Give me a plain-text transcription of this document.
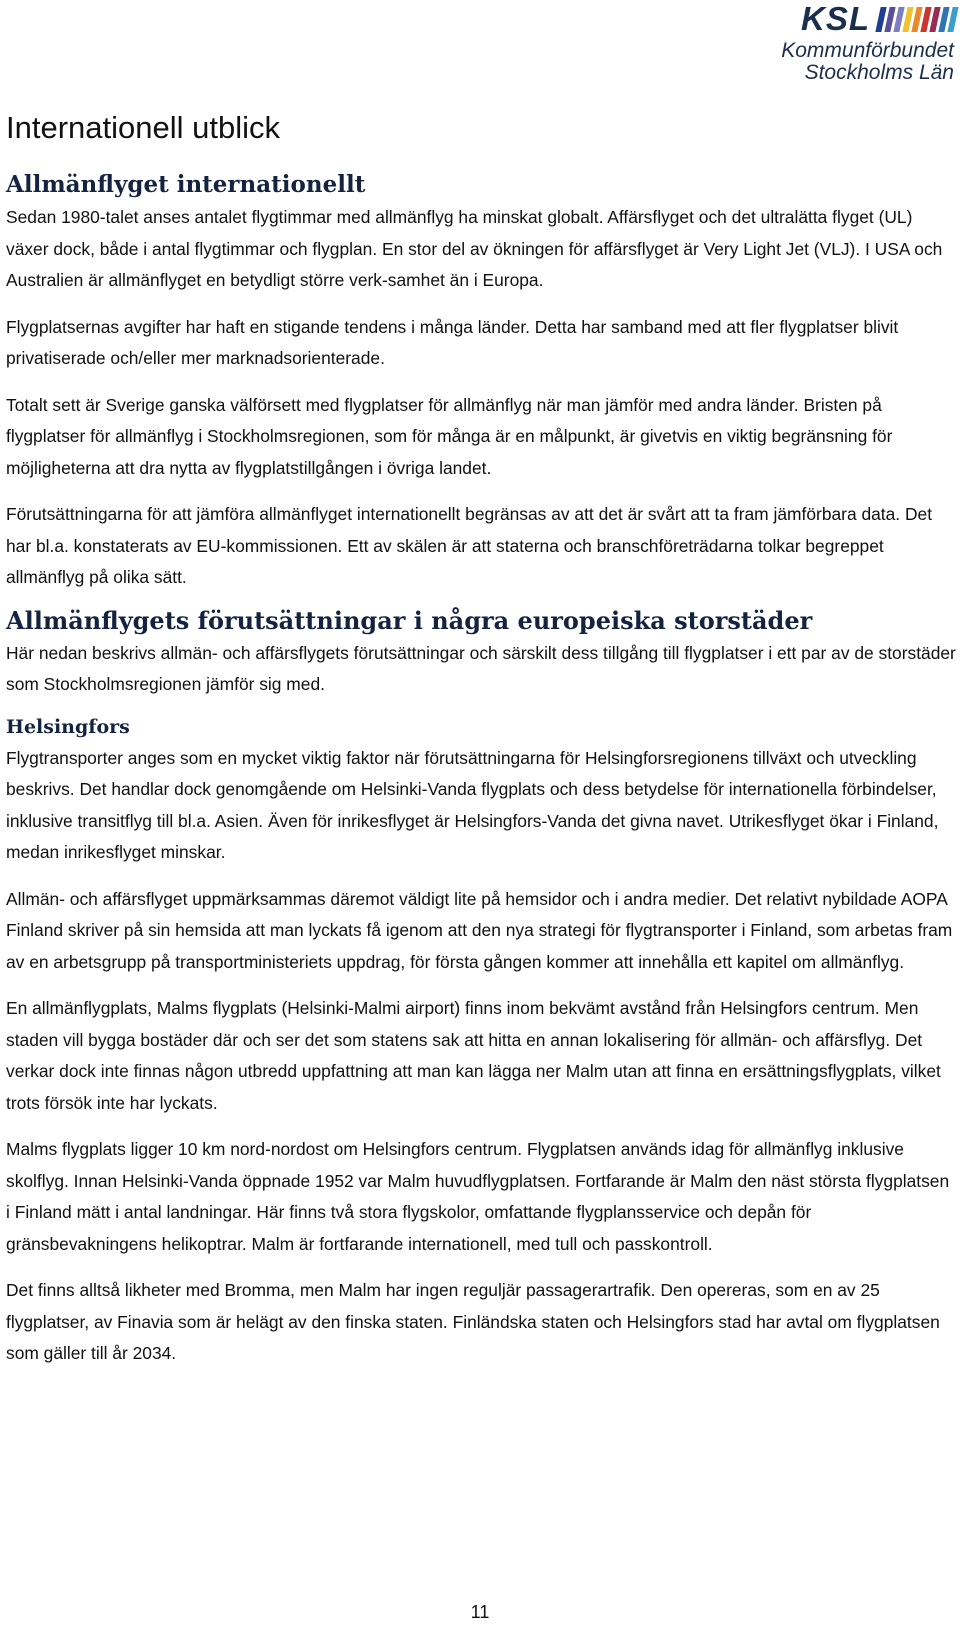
KSL
Kommunförbundet
Stockholms Län
Internationell utblick
Allmänflyget internationellt

Sedan 1980-talet anses antalet flygtimmar med allmänflyg ha minskat globalt. Affärsflyget och det ultralätta flyget (UL) växer dock, både i antal flygtimmar och flygplan. En stor del av ökningen för affärsflyget är Very Light Jet (VLJ). I USA och Australien är allmänflyget en betydligt större verk-samhet än i Europa.

Flygplatsernas avgifter har haft en stigande tendens i många länder. Detta har samband med att fler flygplatser blivit privatiserade och/eller mer marknadsorienterade.

Totalt sett är Sverige ganska välförsett med flygplatser för allmänflyg när man jämför med andra länder. Bristen på flygplatser för allmänflyg i Stockholmsregionen, som för många är en målpunkt, är givetvis en viktig begränsning för möjligheterna att dra nytta av flygplatstillgången i övriga landet.

Förutsättningarna för att jämföra allmänflyget internationellt begränsas av att det är svårt att ta fram jämförbara data. Det har bl.a. konstaterats av EU-kommissionen. Ett av skälen är att staterna och branschföreträdarna tolkar begreppet allmänflyg på olika sätt.

Allmänflygets förutsättningar i några europeiska storstäder

Här nedan beskrivs allmän- och affärsflygets förutsättningar och särskilt dess tillgång till flygplatser i ett par av de storstäder som Stockholmsregionen jämför sig med.

Helsingfors

Flygtransporter anges som en mycket viktig faktor när förutsättningarna för Helsingforsregionens tillväxt och utveckling beskrivs. Det handlar dock genomgående om Helsinki-Vanda flygplats och dess betydelse för internationella förbindelser, inklusive transitflyg till bl.a. Asien. Även för inrikesflyget är Helsingfors-Vanda det givna navet. Utrikesflyget ökar i Finland, medan inrikesflyget minskar.

Allmän- och affärsflyget uppmärksammas däremot väldigt lite på hemsidor och i andra medier. Det relativt nybildade AOPA Finland skriver på sin hemsida att man lyckats få igenom att den nya strategi för flygtransporter i Finland, som arbetas fram av en arbetsgrupp på transportministeriets uppdrag, för första gången kommer att innehålla ett kapitel om allmänflyg.

En allmänflygplats, Malms flygplats (Helsinki-Malmi airport) finns inom bekvämt avstånd från Helsingfors centrum. Men staden vill bygga bostäder där och ser det som statens sak att hitta en annan lokalisering för allmän- och affärsflyg. Det verkar dock inte finnas någon utbredd uppfattning att man kan lägga ner Malm utan att finna en ersättningsflygplats, vilket trots försök inte har lyckats.

Malms flygplats ligger 10 km nord-nordost om Helsingfors centrum. Flygplatsen används idag för allmänflyg inklusive skolflyg. Innan Helsinki-Vanda öppnade 1952 var Malm huvudflygplatsen. Fortfarande är Malm den näst största flygplatsen i Finland mätt i antal landningar. Här finns två stora flygskolor, omfattande flygplansservice och depån för gränsbevakningens helikoptrar. Malm är fortfarande internationell, med tull och passkontroll.

Det finns alltså likheter med Bromma, men Malm har ingen reguljär passagerartrafik. Den opereras, som en av 25 flygplatser, av Finavia som är helägt av den finska staten. Finländska staten och Helsingfors stad har avtal om flygplatsen som gäller till år 2034.

11
